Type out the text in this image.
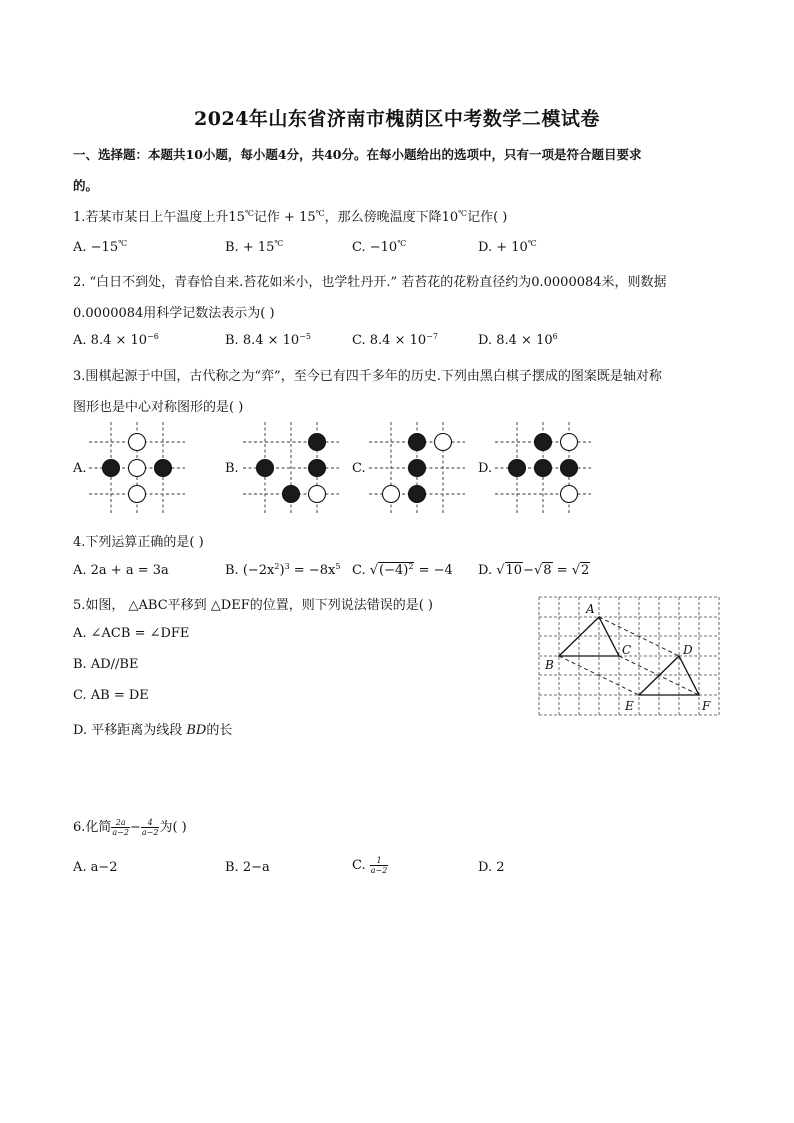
2024年山东省济南市槐荫区中考数学二模试卷
一、选择题：本题共10小题，每小题4分，共40分。在每小题给出的选项中，只有一项是符合题目要求
的。
1.若某市某日上午温度上升15℃记作 + 15℃，那么傍晚温度下降10℃记作( )
A. −15℃	B. + 15℃	C. −10℃	D. + 10℃
2. “白日不到处，青春恰自来.苔花如米小，也学牡丹开.” 若苔花的花粉直径约为0.0000084米，则数据
0.0000084用科学记数法表示为( )
A. $8.4 \times 10^{-6}$	B. $8.4 \times 10^{-5}$	C. $8.4 \times 10^{-7}$	D. $8.4 \times 10^6$
3.围棋起源于中国，古代称之为“弈”，至今已有四千多年的历史.下列由黑白棋子摆成的图案既是轴对称
图形也是中心对称图形的是( )
A.	B.	C.	D.
4.下列运算正确的是( )
A. 2a + a = 3a	B. $(-2x^2)^3 = -8x^5$ C. $√(-4)^2 = -4$ D. √10−√8 = √2
5.如图， △ABC平移到 △DEF的位置，则下列说法错误的是( )
A. ∠ACB = ∠DFE
B. AD//BE
C. AB = DE
D. 平移距离为线段 BD的长
A
B
C	D
E	F
6.化简 $\frac{2a}{a-2} - \frac{4}{a-2}$ 为( )
A. a−2	B. 2−a	C. $\frac{1}{a-2}$	D. 2
